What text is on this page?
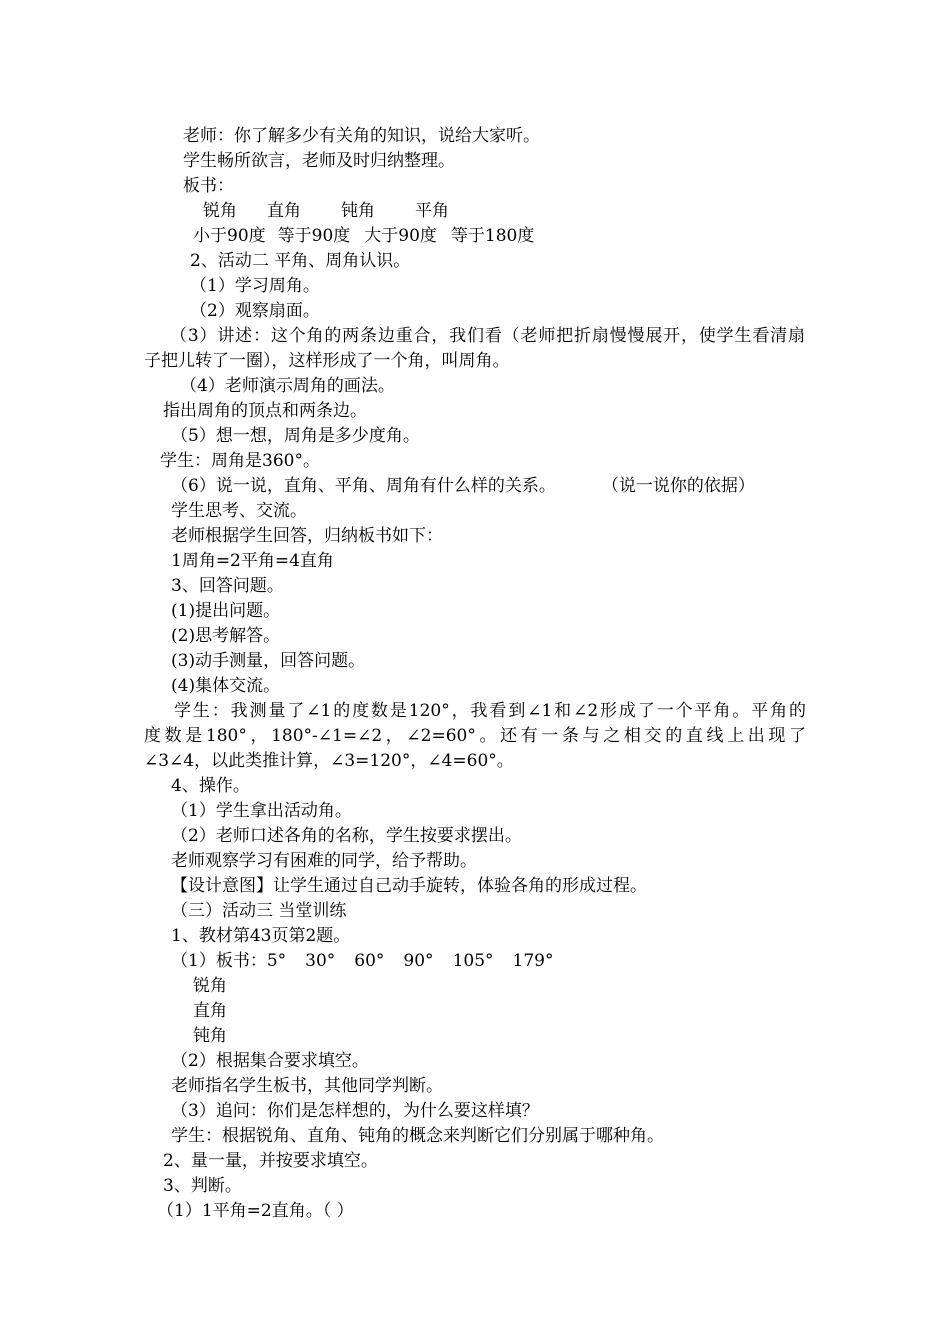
老师：你了解多少有关角的知识，说给大家听。
学生畅所欲言，老师及时归纳整理。
板书：
锐角 直角 钝角 平角
小于90度 等于90度 大于90度 等于180度
2、活动二 平角、周角认识。
（1）学习周角。
（2）观察扇面。
（3）讲述：这个角的两条边重合，我们看（老师把折扇慢慢展开，使学生看清扇
子把儿转了一圈），这样形成了一个角，叫周角。
（4）老师演示周角的画法。
指出周角的顶点和两条边。
（5）想一想，周角是多少度角。
学生：周角是360°。
（6）说一说，直角、平角、周角有什么样的关系。	（说一说你的依据）
学生思考、交流。
老师根据学生回答，归纳板书如下：
1周角=2平角=4直角
3、回答问题。
(1)提出问题。
(2)思考解答。
(3)动手测量，回答问题。
(4)集体交流。
学生：我测量了∠1的度数是120°，我看到∠1和∠2形成了一个平角。平角的
度数是180°，180°-∠1=∠2，∠2=60°。还有一条与之相交的直线上出现了
∠3∠4，以此类推计算，∠3=120°，∠4=60°。
4、操作。
（1）学生拿出活动角。
（2）老师口述各角的名称，学生按要求摆出。
老师观察学习有困难的同学，给予帮助。
【设计意图】让学生通过自己动手旋转，体验各角的形成过程。
（三）活动三 当堂训练
1、教材第43页第2题。
（1）板书：5° 30° 60° 90° 105° 179°
锐角
直角
钝角
（2）根据集合要求填空。
老师指名学生板书，其他同学判断。
（3）追问：你们是怎样想的，为什么要这样填？
学生：根据锐角、直角、钝角的概念来判断它们分别属于哪种角。
2、量一量，并按要求填空。
3、判断。
（1）1平角=2直角。（ ）
